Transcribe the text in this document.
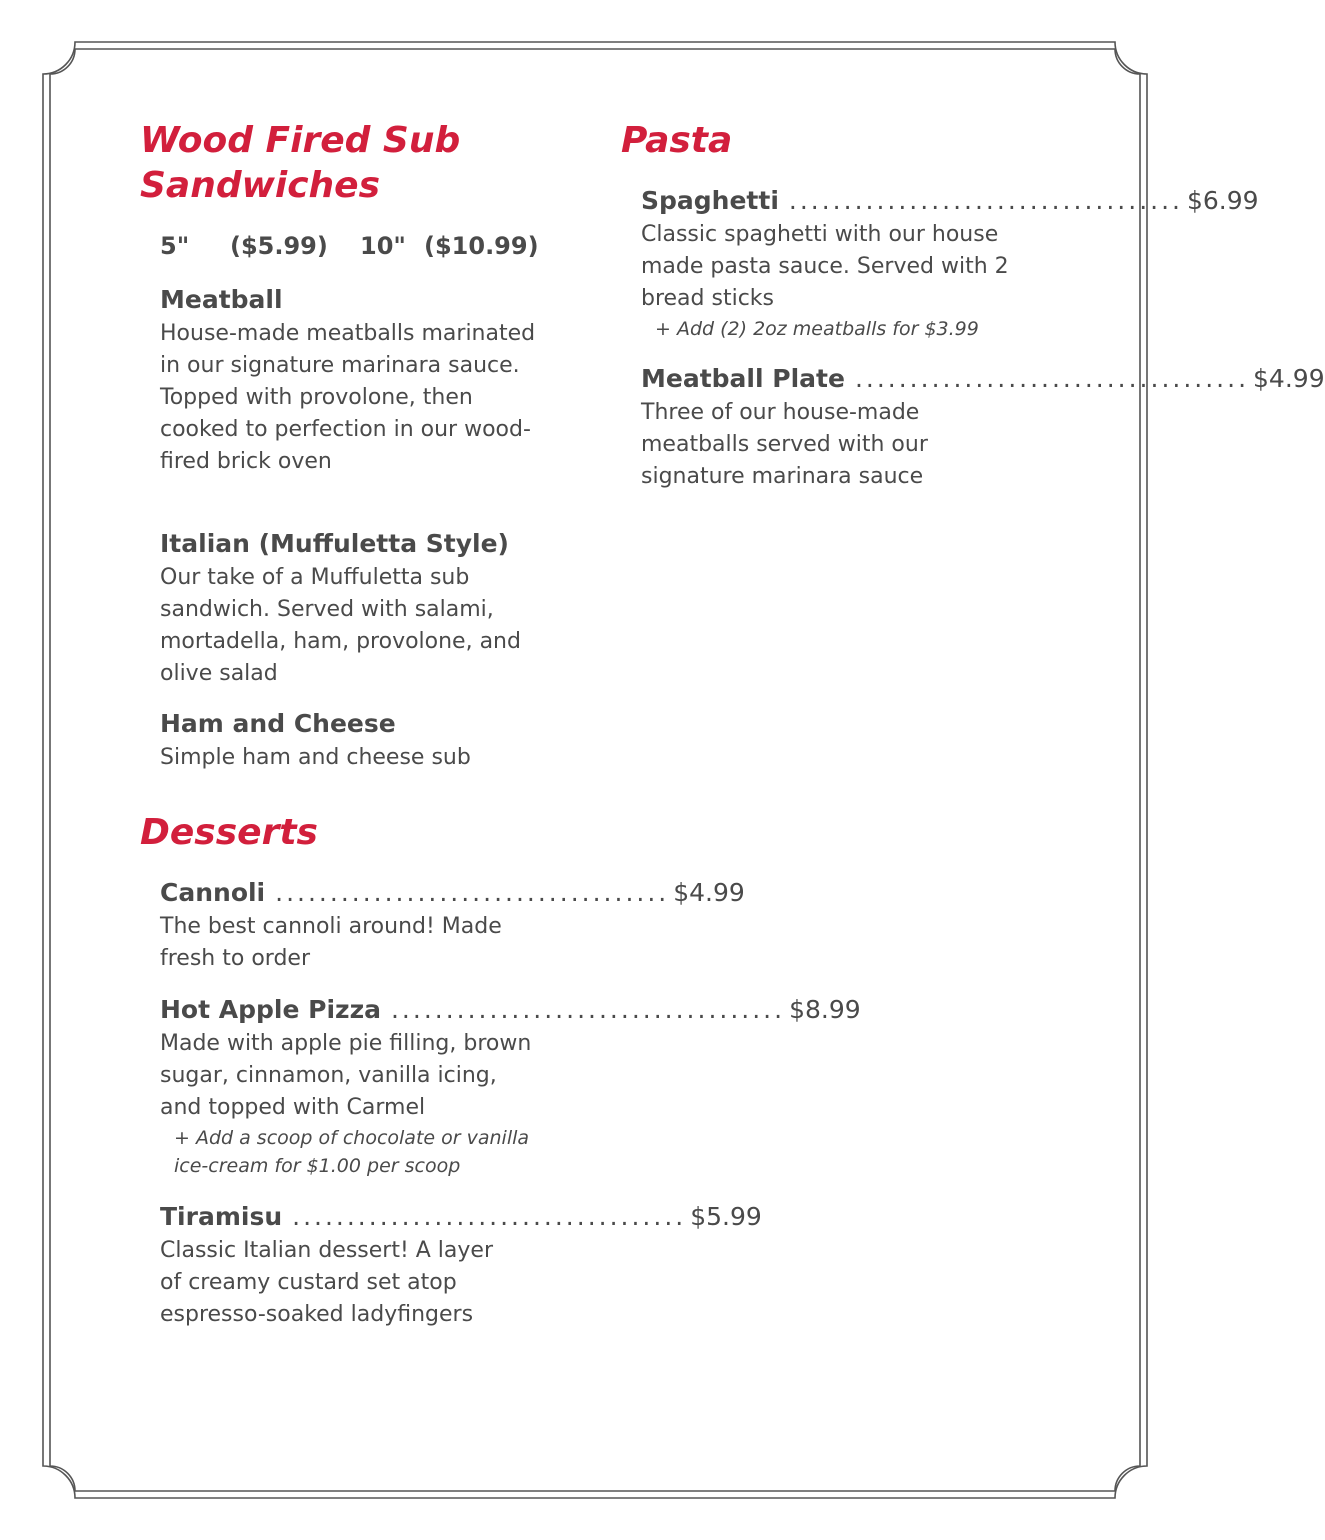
Wood Fired Sub
Sandwiches
5" ($5.99) 10" ($10.99)
Meatball
House-made meatballs marinated in our signature marinara sauce. Topped with provolone, then cooked to perfection in our wood-fired brick oven
Italian (Muffuletta Style)
Our take of a Muffuletta sub sandwich. Served with salami, mortadella, ham, provolone, and olive salad
Ham and Cheese
Simple ham and cheese sub
Desserts
Cannoli .................................... $4.99
The best cannoli around! Made fresh to order
Hot Apple Pizza .................................... $8.99
Made with apple pie filling, brown sugar, cinnamon, vanilla icing, and topped with Carmel
+ Add a scoop of chocolate or vanilla ice-cream for $1.00 per scoop
Tiramisu .................................... $5.99
Classic Italian dessert! A layer of creamy custard set atop espresso-soaked ladyfingers
Pasta
Spaghetti .................................... $6.99
Classic spaghetti with our house made pasta sauce. Served with 2 bread sticks
+ Add (2) 2oz meatballs for $3.99
Meatball Plate .................................... $4.99
Three of our house-made meatballs served with our signature marinara sauce
